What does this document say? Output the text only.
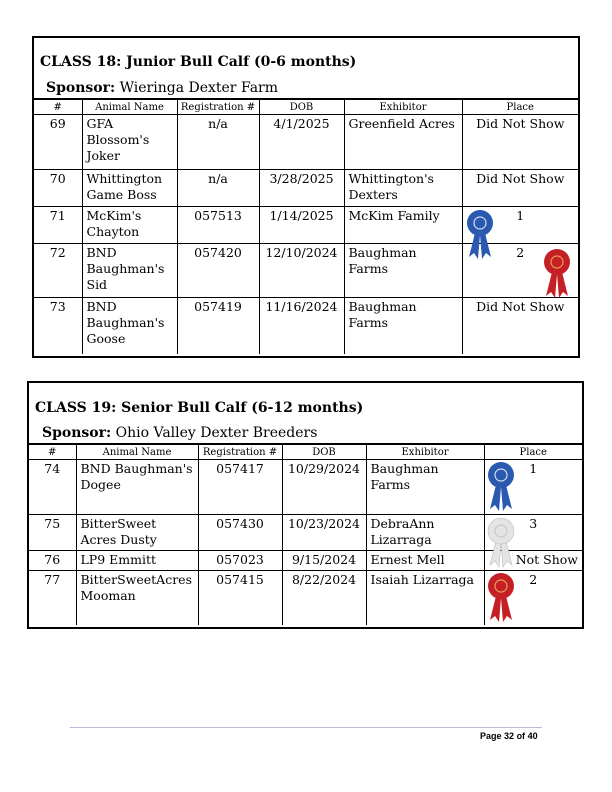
CLASS 18: Junior Bull Calf (0-6 months)
Sponsor: Wieringa Dexter Farm
#	Animal Name	Registration #	DOB	Exhibitor	Place
69	GFA Blossom's Joker	n/a	4/1/2025	Greenfield Acres	Did Not Show
70	Whittington Game Boss	n/a	3/28/2025	Whittington's Dexters	Did Not Show
71	McKim's Chayton	057513	1/14/2025	McKim Family	1
72	BND Baughman's Sid	057420	12/10/2024	Baughman Farms	2
73	BND Baughman's Goose	057419	11/16/2024	Baughman Farms	Did Not Show
CLASS 19: Senior Bull Calf (6-12 months)
Sponsor: Ohio Valley Dexter Breeders
#	Animal Name	Registration #	DOB	Exhibitor	Place
74	BND Baughman's Dogee	057417	10/29/2024	Baughman Farms	1
75	BitterSweet Acres Dusty	057430	10/23/2024	DebraAnn Lizarraga	3
76	LP9 Emmitt	057023	9/15/2024	Ernest Mell	Not Show
77	BitterSweetAcres Mooman	057415	8/22/2024	Isaiah Lizarraga	2
Page 32 of 40
